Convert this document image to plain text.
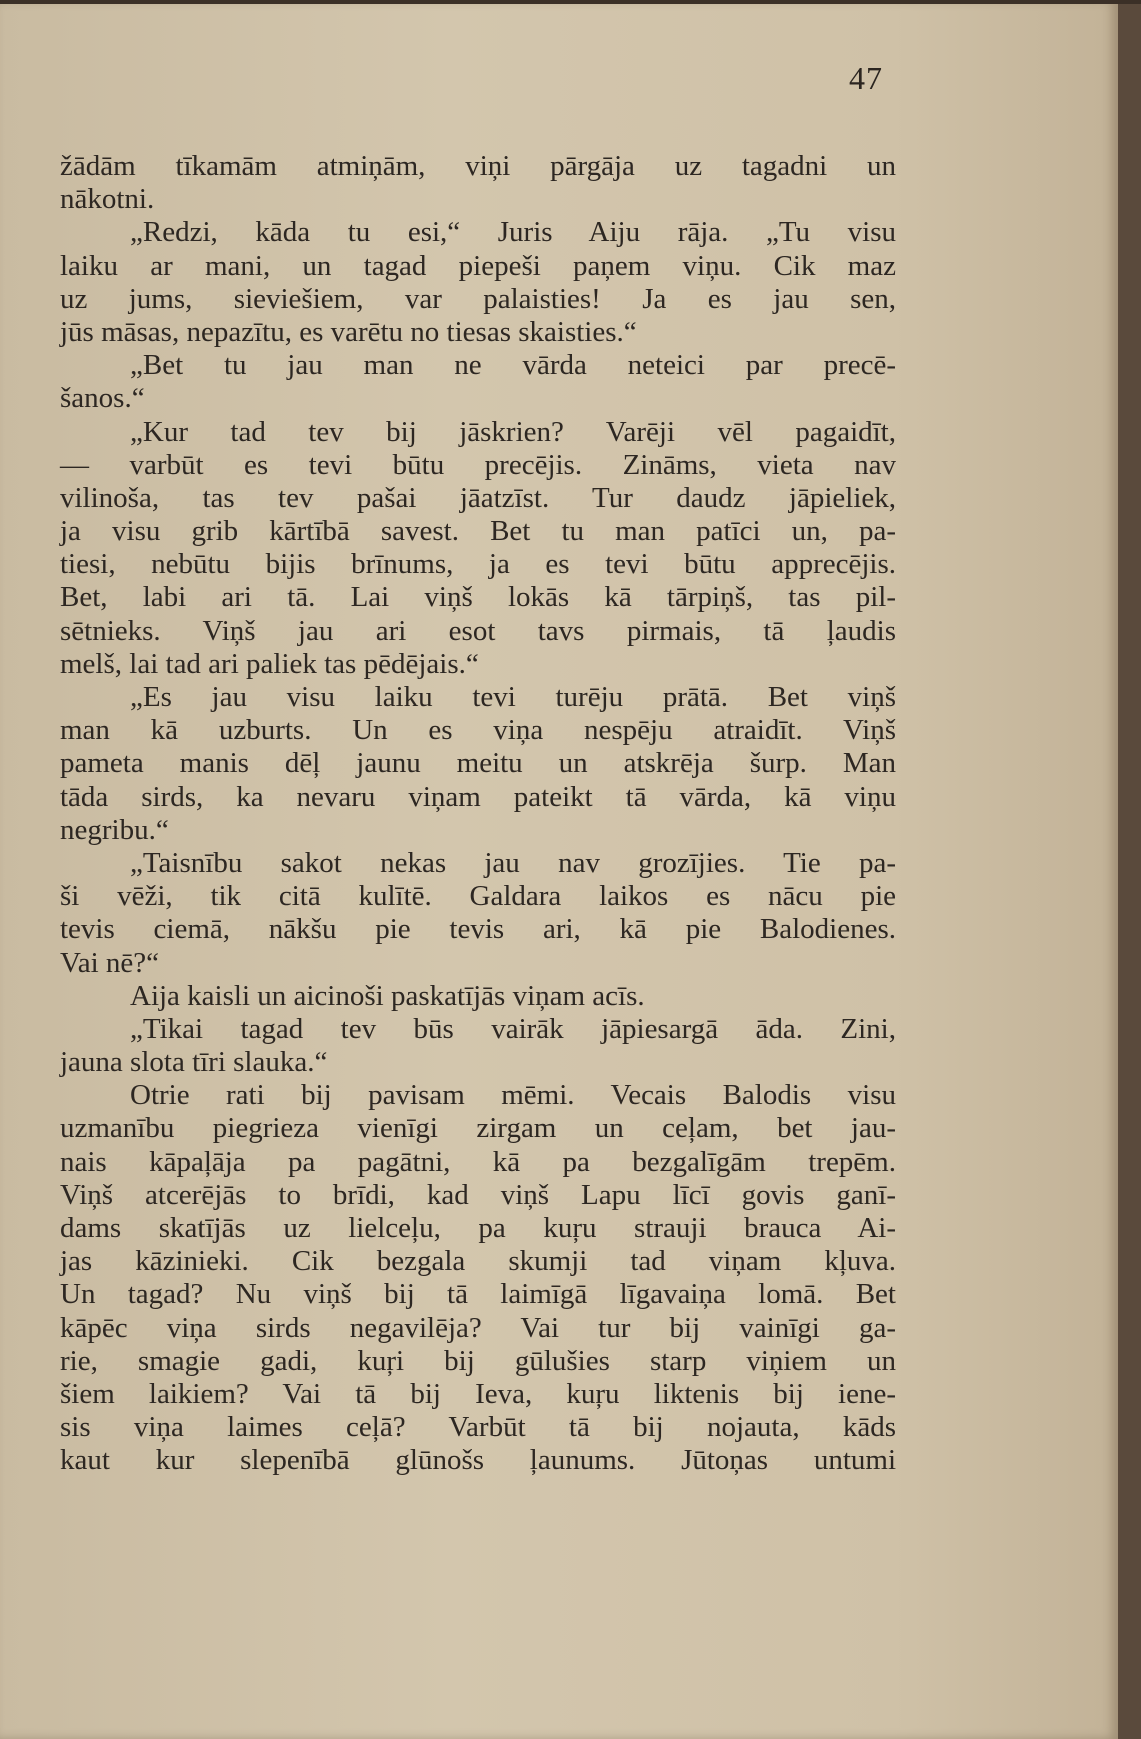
47
žādām tīkamām atmiņām, viņi pārgāja uz tagadni un
nākotni.
„Redzi, kāda tu esi,“ Juris Aiju rāja. „Tu visu
laiku ar mani, un tagad piepeši paņem viņu. Cik maz
uz jums, sieviešiem, var palaisties! Ja es jau sen,
jūs māsas, nepazītu, es varētu no tiesas skaisties.“
„Bet tu jau man ne vārda neteici par precē-
šanos.“
„Kur tad tev bij jāskrien? Varēji vēl pagaidīt,
— varbūt es tevi būtu precējis. Zināms, vieta nav
vilinoša, tas tev pašai jāatzīst. Tur daudz jāpieliek,
ja visu grib kārtībā savest. Bet tu man patīci un, pa-
tiesi, nebūtu bijis brīnums, ja es tevi būtu apprecējis.
Bet, labi ari tā. Lai viņš lokās kā tārpiņš, tas pil-
sētnieks. Viņš jau ari esot tavs pirmais, tā ļaudis
melš, lai tad ari paliek tas pēdējais.“
„Es jau visu laiku tevi turēju prātā. Bet viņš
man kā uzburts. Un es viņa nespēju atraidīt. Viņš
pameta manis dēļ jaunu meitu un atskrēja šurp. Man
tāda sirds, ka nevaru viņam pateikt tā vārda, kā viņu
negribu.“
„Taisnību sakot nekas jau nav grozījies. Tie pa-
ši vēži, tik citā kulītē. Galdara laikos es nācu pie
tevis ciemā, nākšu pie tevis ari, kā pie Balodienes.
Vai nē?“
Aija kaisli un aicinoši paskatījās viņam acīs.
„Tikai tagad tev būs vairāk jāpiesargā āda. Zini,
jauna slota tīri slauka.“
Otrie rati bij pavisam mēmi. Vecais Balodis visu
uzmanību piegrieza vienīgi zirgam un ceļam, bet jau-
nais kāpaļāja pa pagātni, kā pa bezgalīgām trepēm.
Viņš atcerējās to brīdi, kad viņš Lapu līcī govis ganī-
dams skatījās uz lielceļu, pa kuŗu strauji brauca Ai-
jas kāzinieki. Cik bezgala skumji tad viņam kļuva.
Un tagad? Nu viņš bij tā laimīgā līgavaiņa lomā. Bet
kāpēc viņa sirds negavilēja? Vai tur bij vainīgi ga-
rie, smagie gadi, kuŗi bij gūlušies starp viņiem un
šiem laikiem? Vai tā bij Ieva, kuŗu liktenis bij iene-
sis viņa laimes ceļā? Varbūt tā bij nojauta, kāds
kaut kur slepenībā glūnošs ļaunums. Jūtoņas untumi
